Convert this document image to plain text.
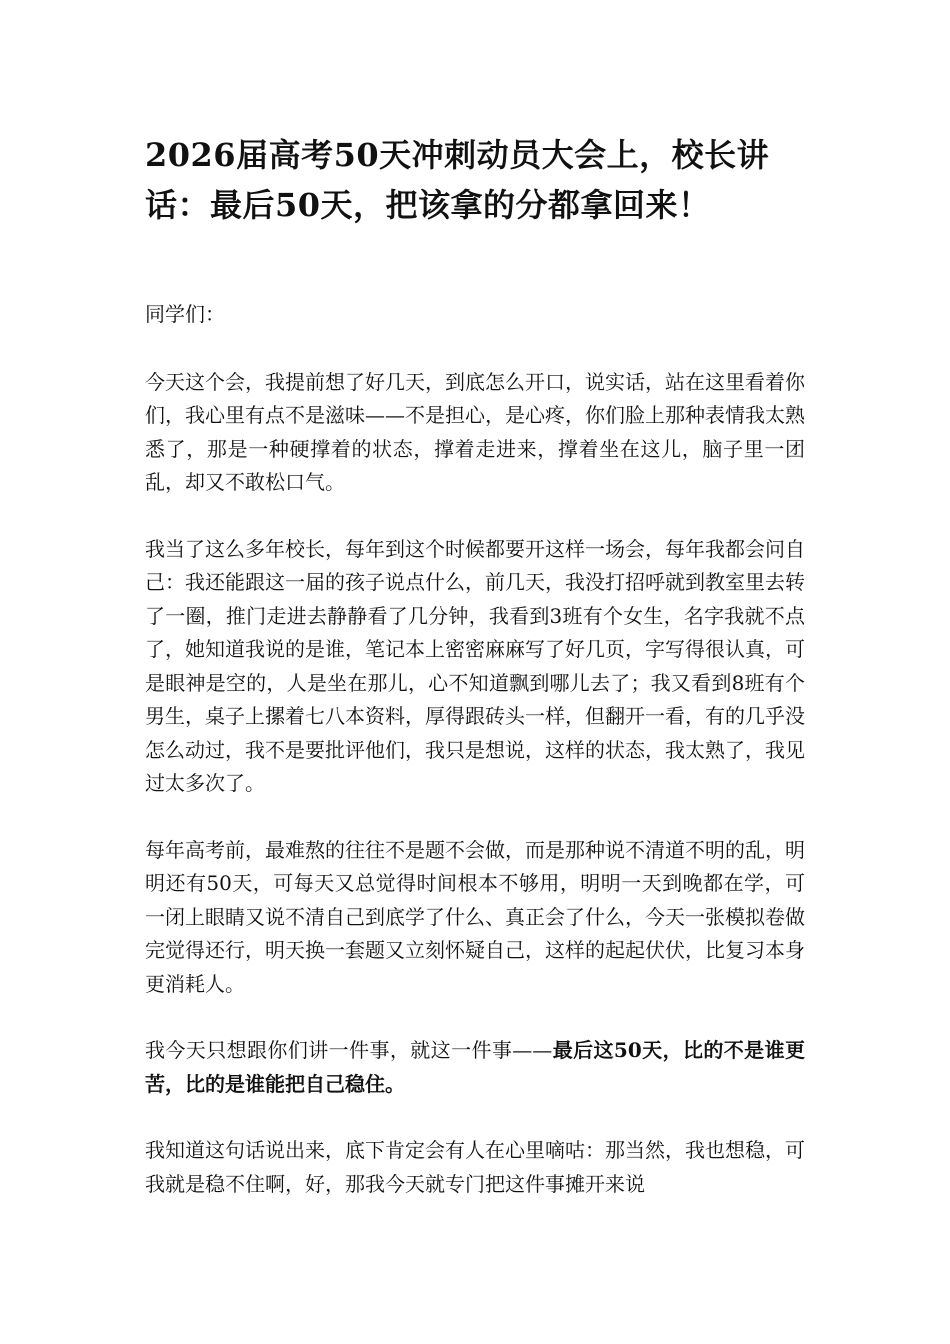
2026届高考50天冲刺动员大会上，校长讲话：最后50天，把该拿的分都拿回来！

同学们：

今天这个会，我提前想了好几天，到底怎么开口，说实话，站在这里看着你们，我心里有点不是滋味——不是担心，是心疼，你们脸上那种表情我太熟悉了，那是一种硬撑着的状态，撑着走进来，撑着坐在这儿，脑子里一团乱，却又不敢松口气。

我当了这么多年校长，每年到这个时候都要开这样一场会，每年我都会问自己：我还能跟这一届的孩子说点什么，前几天，我没打招呼就到教室里去转了一圈，推门走进去静静看了几分钟，我看到3班有个女生，名字我就不点了，她知道我说的是谁，笔记本上密密麻麻写了好几页，字写得很认真，可是眼神是空的，人是坐在那儿，心不知道飘到哪儿去了；我又看到8班有个男生，桌子上摞着七八本资料，厚得跟砖头一样，但翻开一看，有的几乎没怎么动过，我不是要批评他们，我只是想说，这样的状态，我太熟了，我见过太多次了。

每年高考前，最难熬的往往不是题不会做，而是那种说不清道不明的乱，明明还有50天，可每天又总觉得时间根本不够用，明明一天到晚都在学，可一闭上眼睛又说不清自己到底学了什么、真正会了什么，今天一张模拟卷做完觉得还行，明天换一套题又立刻怀疑自己，这样的起起伏伏，比复习本身更消耗人。

我今天只想跟你们讲一件事，就这一件事——最后这50天，比的不是谁更苦，比的是谁能把自己稳住。

我知道这句话说出来，底下肯定会有人在心里嘀咕：那当然，我也想稳，可我就是稳不住啊，好，那我今天就专门把这件事摊开来说
